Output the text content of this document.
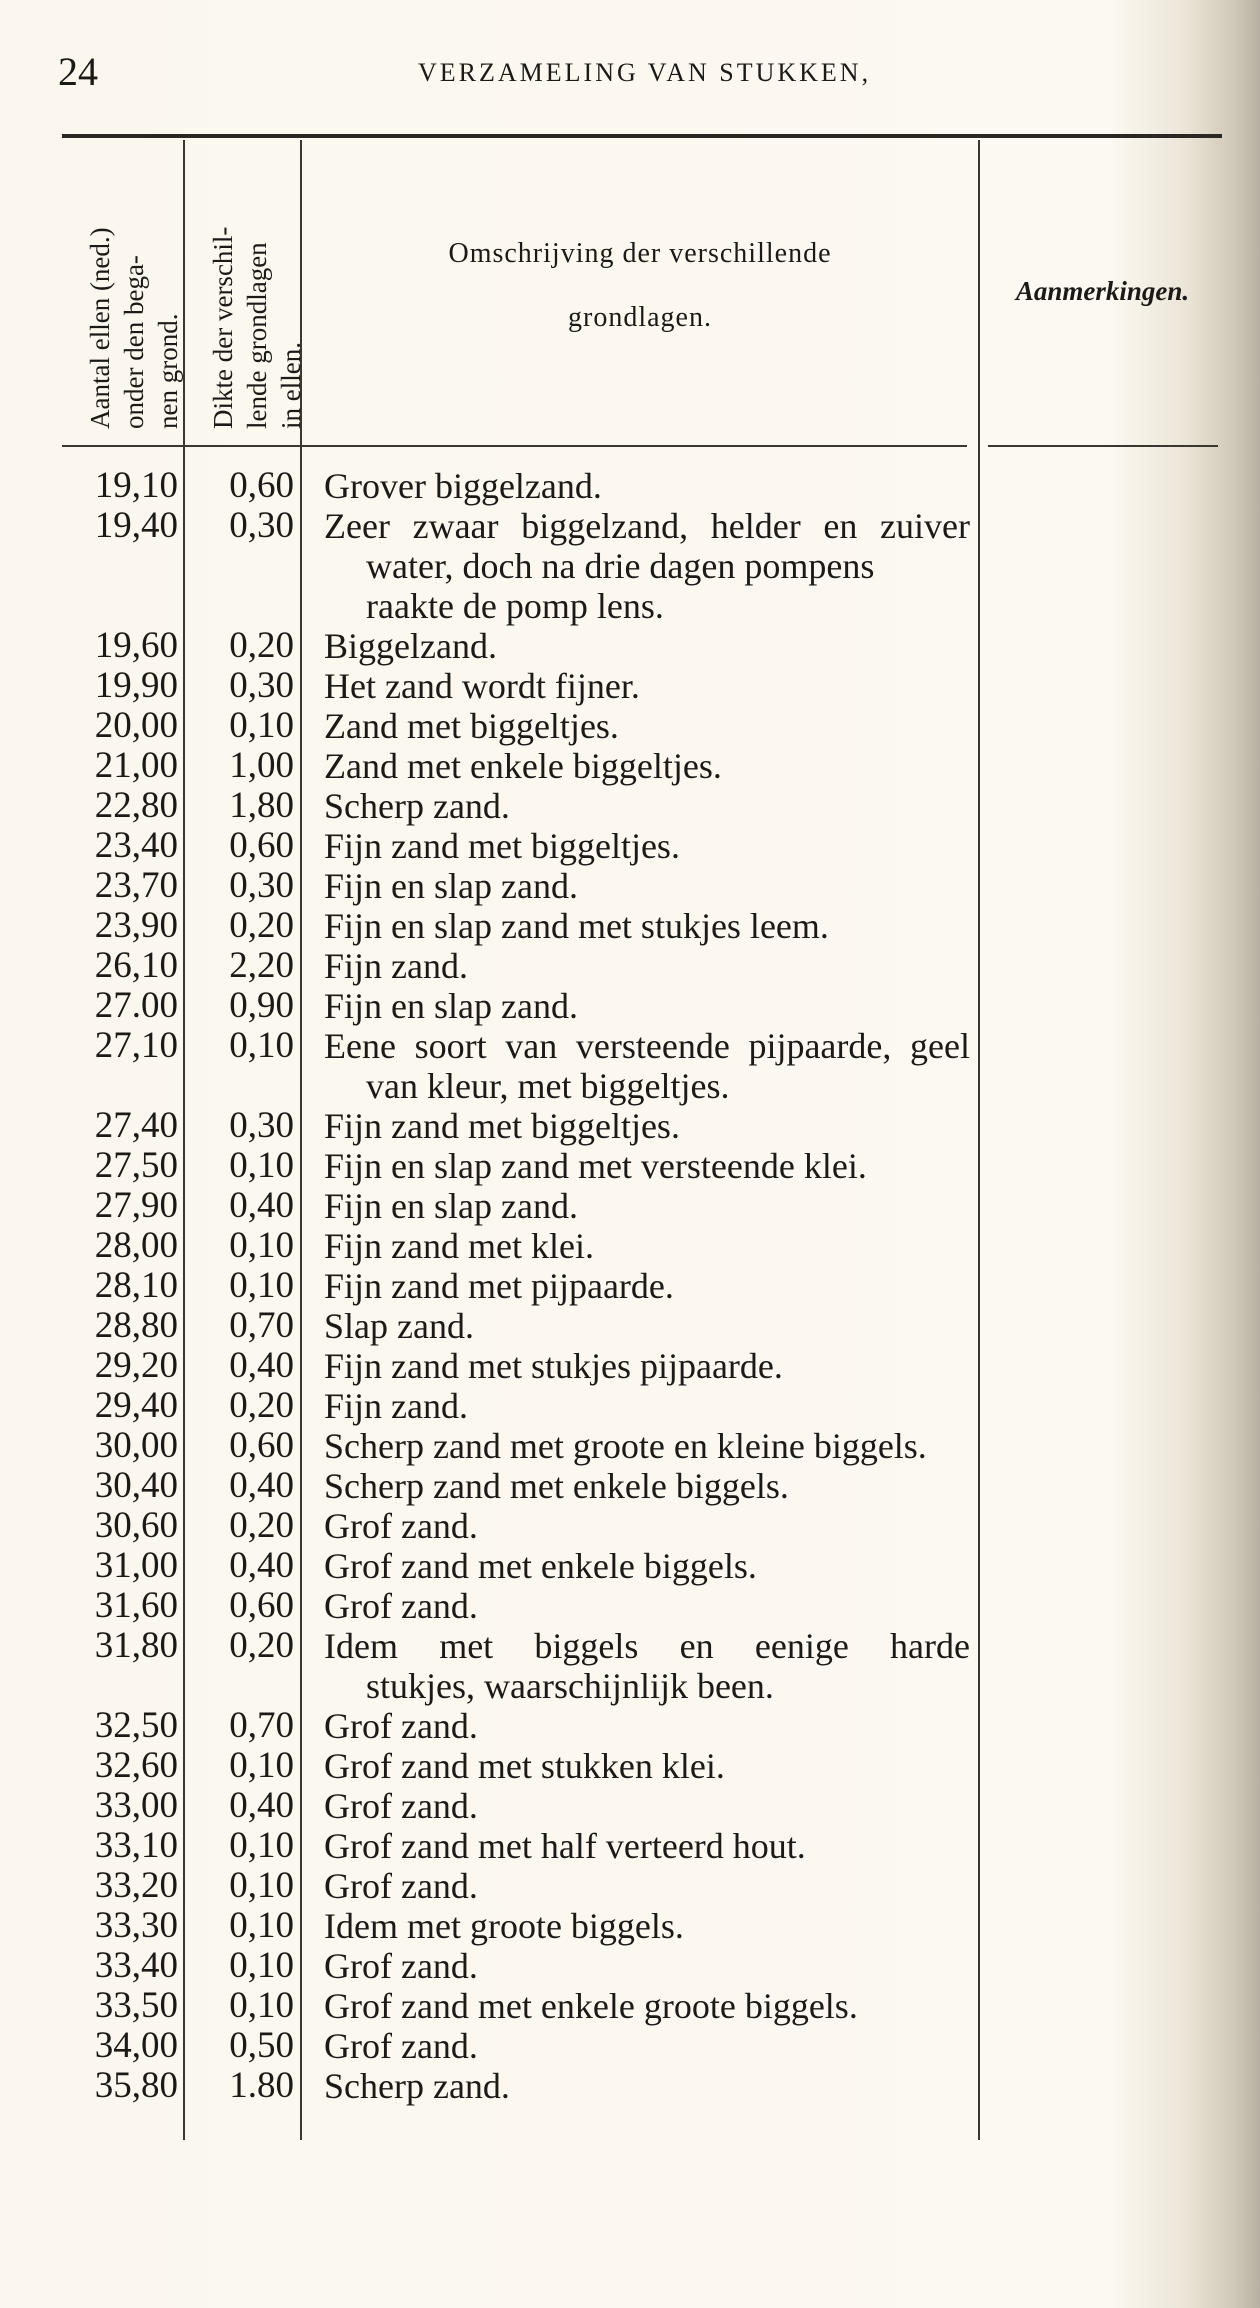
24	VERZAMELING VAN STUKKEN,
Aantal ellen (ned.)
onder den bega-
nen grond.
Dikte der verschil-
lende grondlagen
in ellen.
Omschrijving der verschillende
grondlagen.
Aanmerkingen.
19,10	0,60 Grover biggelzand.
19,40	0,30 Zeer zwaar biggelzand, helder en zuiver
water, doch na drie dagen pompens
raakte de pomp lens.
19,60	0,20 Biggelzand.
19,90	0,30 Het zand wordt fijner.
20,00	0,10 Zand met biggeltjes.
21,00	1,00 Zand met enkele biggeltjes.
22,80	1,80 Scherp zand.
23,40	0,60 Fijn zand met biggeltjes.
23,70	0,30 Fijn en slap zand.
23,90	0,20 Fijn en slap zand met stukjes leem.
26,10	2,20 Fijn zand.
27.00	0,90 Fijn en slap zand.
27,10	0,10 Eene soort van versteende pijpaarde, geel
van kleur, met biggeltjes.
27,40	0,30 Fijn zand met biggeltjes.
27,50	0,10 Fijn en slap zand met versteende klei.
27,90	0,40 Fijn en slap zand.
28,00	0,10 Fijn zand met klei.
28,10	0,10 Fijn zand met pijpaarde.
28,80	0,70 Slap zand.
29,20	0,40 Fijn zand met stukjes pijpaarde.
29,40	0,20 Fijn zand.
30,00	0,60 Scherp zand met groote en kleine biggels.
30,40	0,40 Scherp zand met enkele biggels.
30,60	0,20 Grof zand.
31,00	0,40 Grof zand met enkele biggels.
31,60	0,60 Grof zand.
31,80	0,20 Idem met biggels en eenige harde
stukjes, waarschijnlijk been.
32,50	0,70 Grof zand.
32,60	0,10 Grof zand met stukken klei.
33,00	0,40 Grof zand.
33,10	0,10 Grof zand met half verteerd hout.
33,20	0,10 Grof zand.
33,30	0,10 Idem met groote biggels.
33,40	0,10 Grof zand.
33,50	0,10 Grof zand met enkele groote biggels.
34,00	0,50 Grof zand.
35,80	1.80 Scherp zand.
